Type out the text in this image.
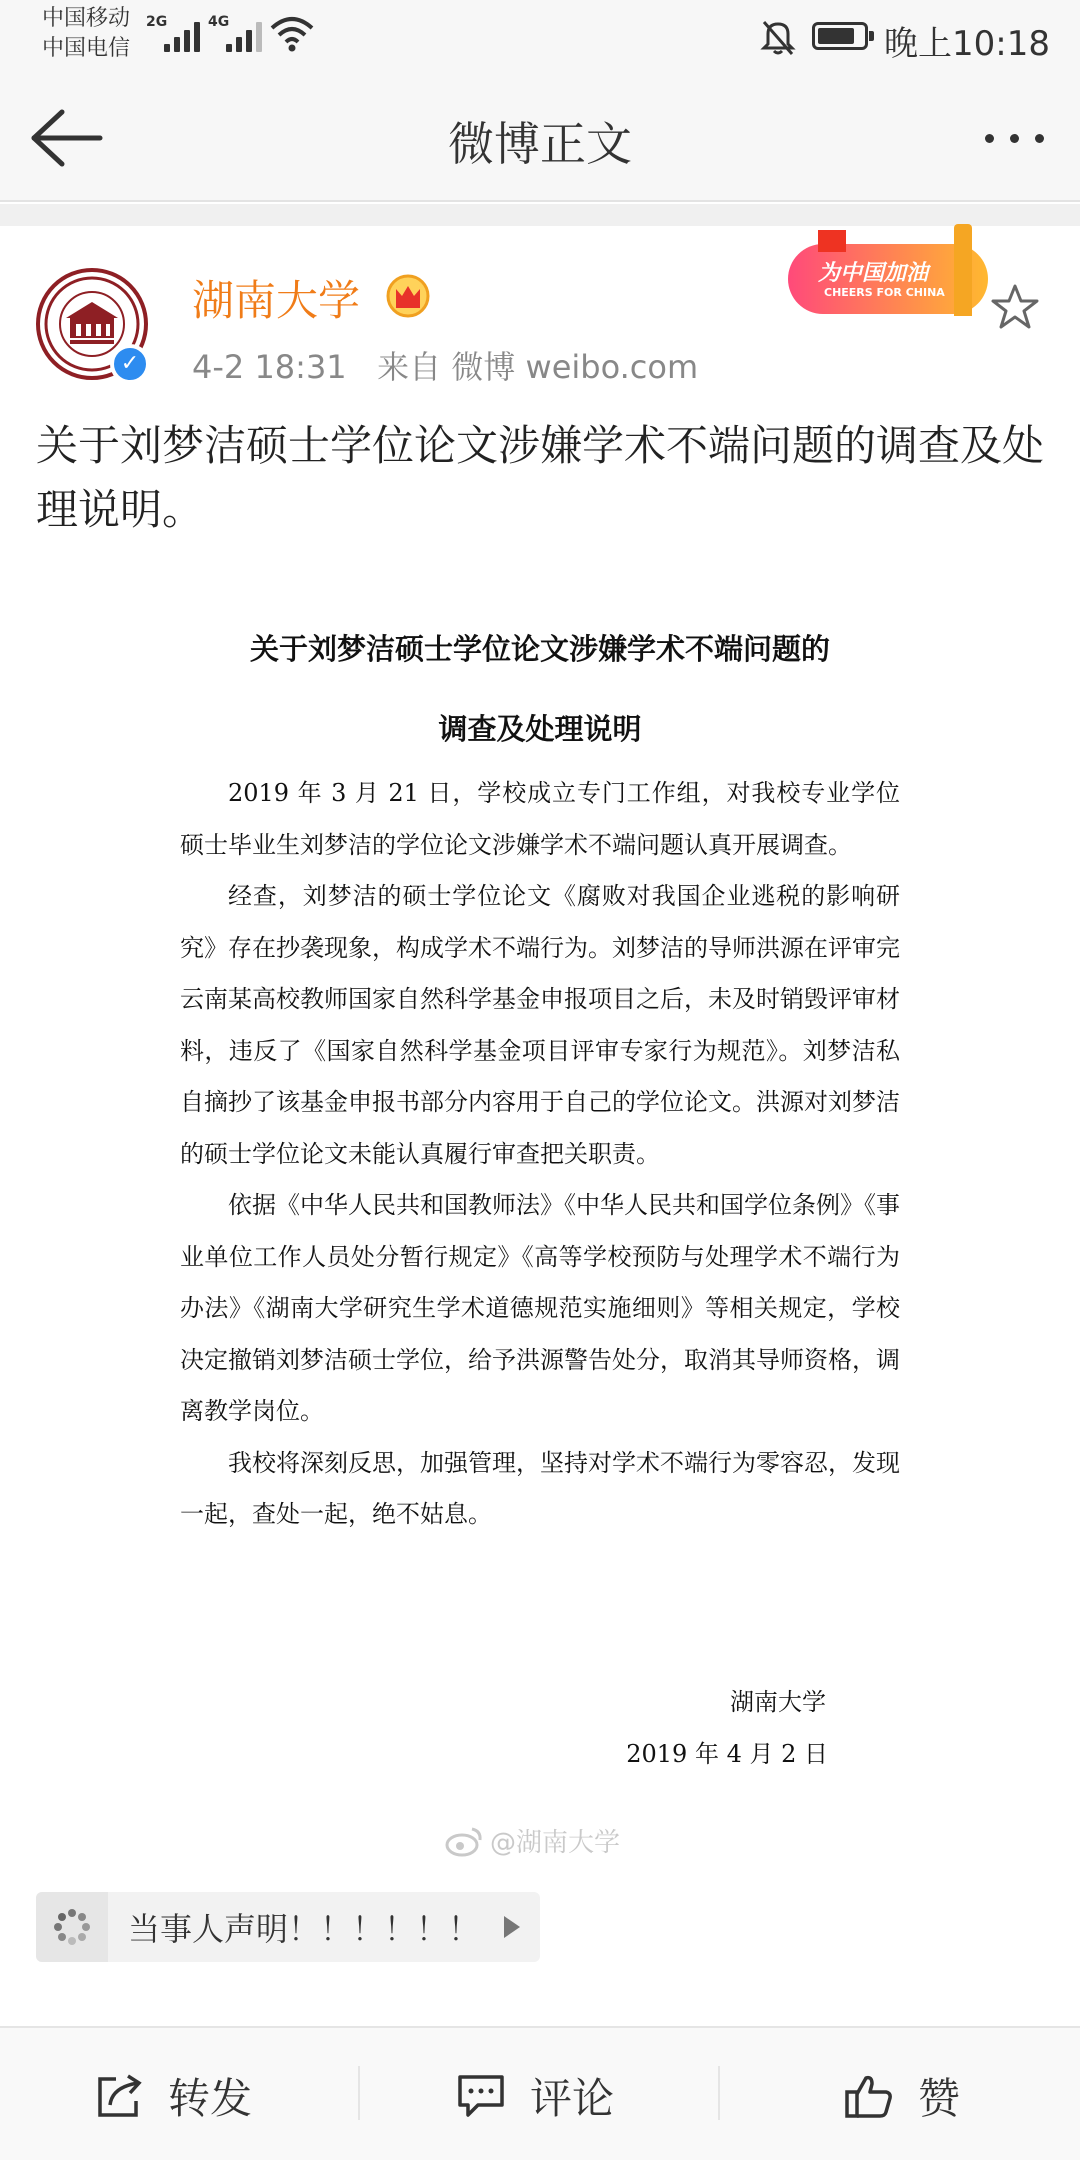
中国移动
中国电信
2G	4G
晚上10:18
微博正文
✓
湖南大学
4-2 18:31 来自 微博 weibo.com
为中国加油
CHEERS FOR CHINA
关于刘梦洁硕士学位论文涉嫌学术不端问题的调查及处理说明。
关于刘梦洁硕士学位论文涉嫌学术不端问题的
调查及处理说明

2019 年 3 月 21 日，学校成立专门工作组，对我校专业学位硕士毕业生刘梦洁的学位论文涉嫌学术不端问题认真开展调查。

经查，刘梦洁的硕士学位论文《腐败对我国企业逃税的影响研究》存在抄袭现象，构成学术不端行为。刘梦洁的导师洪源在评审完云南某高校教师国家自然科学基金申报项目之后，未及时销毁评审材料，违反了《国家自然科学基金项目评审专家行为规范》。刘梦洁私自摘抄了该基金申报书部分内容用于自己的学位论文。洪源对刘梦洁的硕士学位论文未能认真履行审查把关职责。

依据《中华人民共和国教师法》《中华人民共和国学位条例》《事业单位工作人员处分暂行规定》《高等学校预防与处理学术不端行为办法》《湖南大学研究生学术道德规范实施细则》等相关规定，学校决定撤销刘梦洁硕士学位，给予洪源警告处分，取消其导师资格，调离教学岗位。

我校将深刻反思，加强管理，坚持对学术不端行为零容忍，发现一起，查处一起，绝不姑息。

湖南大学
2019 年 4 月 2 日
@湖南大学
当事人声明！！！！！！
转发	评论	赞
